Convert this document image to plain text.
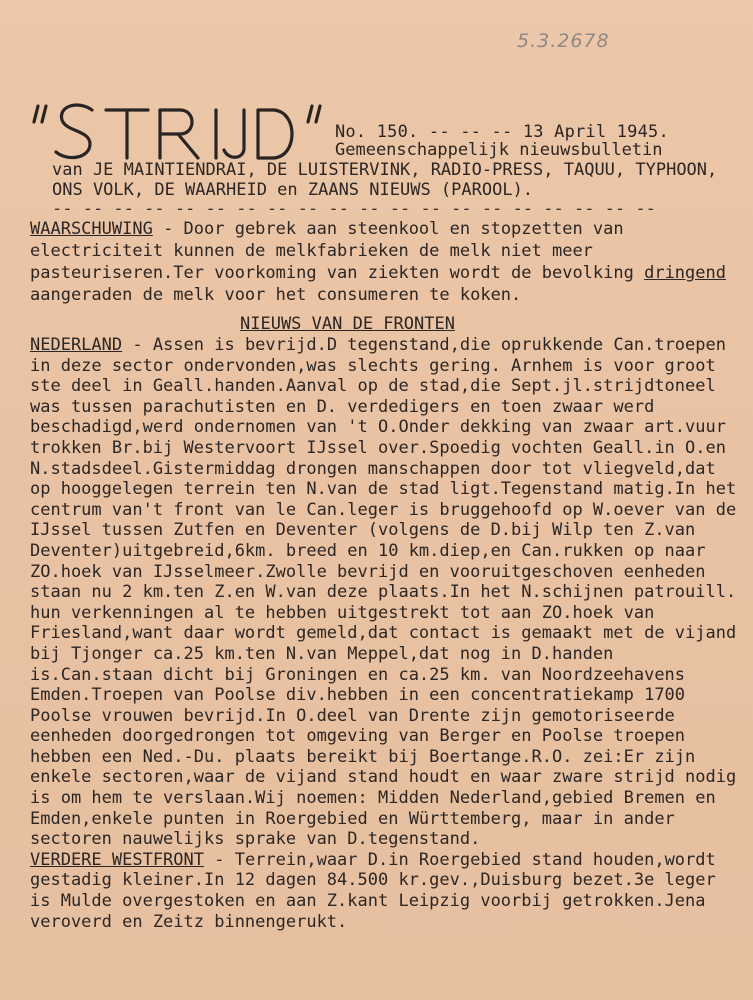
5.3.2678
No. 150. -- -- -- 13 April 1945.
Gemeenschappelijk nieuwsbulletin
van JE MAINTIENDRAI, DE LUISTERVINK, RADIO-PRESS, TAQUU, TYPHOON, ONS VOLK, DE WAARHEID en ZAANS NIEUWS (PAROOL).
-- -- -- -- -- -- -- -- -- -- -- -- -- -- -- -- -- -- -- --
WAARSCHUWING - Door gebrek aan steenkool en stopzetten van electriciteit kunnen de melkfabrieken de melk niet meer pasteuriseren.Ter voorkoming van ziekten wordt de bevolking dringend aangeraden de melk voor het consumeren te koken.
NIEUWS VAN DE FRONTEN

NEDERLAND - Assen is bevrijd.D tegenstand,die oprukkende Can.troepen in deze sector ondervonden,was slechts gering. Arnhem is voor groot ste deel in Geall.handen.Aanval op de stad,die Sept.jl.strijdtoneel was tussen parachutisten en D. verdedigers en toen zwaar werd beschadigd,werd ondernomen van 't O.Onder dekking van zwaar art.vuur trokken Br.bij Westervoort IJssel over.Spoedig vochten Geall.in O.en N.stadsdeel.Gistermiddag drongen manschappen door tot vliegveld,dat op hooggelegen terrein ten N.van de stad ligt.Tegenstand matig.In het centrum van't front van le Can.leger is bruggehoofd op W.oever van de IJssel tussen Zutfen en Deventer (volgens de D.bij Wilp ten Z.van Deventer)uitgebreid,6km. breed en 10 km.diep,en Can.rukken op naar ZO.hoek van IJsselmeer.Zwolle bevrijd en vooruitgeschoven eenheden staan nu 2 km.ten Z.en W.van deze plaats.In het N.schijnen patrouill. hun verkenningen al te hebben uitgestrekt tot aan ZO.hoek van Friesland,want daar wordt gemeld,dat contact is gemaakt met de vijand bij Tjonger ca.25 km.ten N.van Meppel,dat nog in D.handen is.Can.staan dicht bij Groningen en ca.25 km. van Noordzeehavens Emden.Troepen van Poolse div.hebben in een concentratiekamp 1700 Poolse vrouwen bevrijd.In O.deel van Drente zijn gemotoriseerde eenheden doorgedrongen tot omgeving van Berger en Poolse troepen hebben een Ned.-Du. plaats bereikt bij Boertange.R.O. zei:Er zijn enkele sectoren,waar de vijand stand houdt en waar zware strijd nodig is om hem te verslaan.Wij noemen: Midden Nederland,gebied Bremen en Emden,enkele punten in Roergebied en Württemberg, maar in ander sectoren nauwelijks sprake van D.tegenstand.

VERDERE WESTFRONT - Terrein,waar D.in Roergebied stand houden,wordt gestadig kleiner.In 12 dagen 84.500 kr.gev.,Duisburg bezet.3e leger is Mulde overgestoken en aan Z.kant Leipzig voorbij getrokken.Jena veroverd en Zeitz binnengerukt.
